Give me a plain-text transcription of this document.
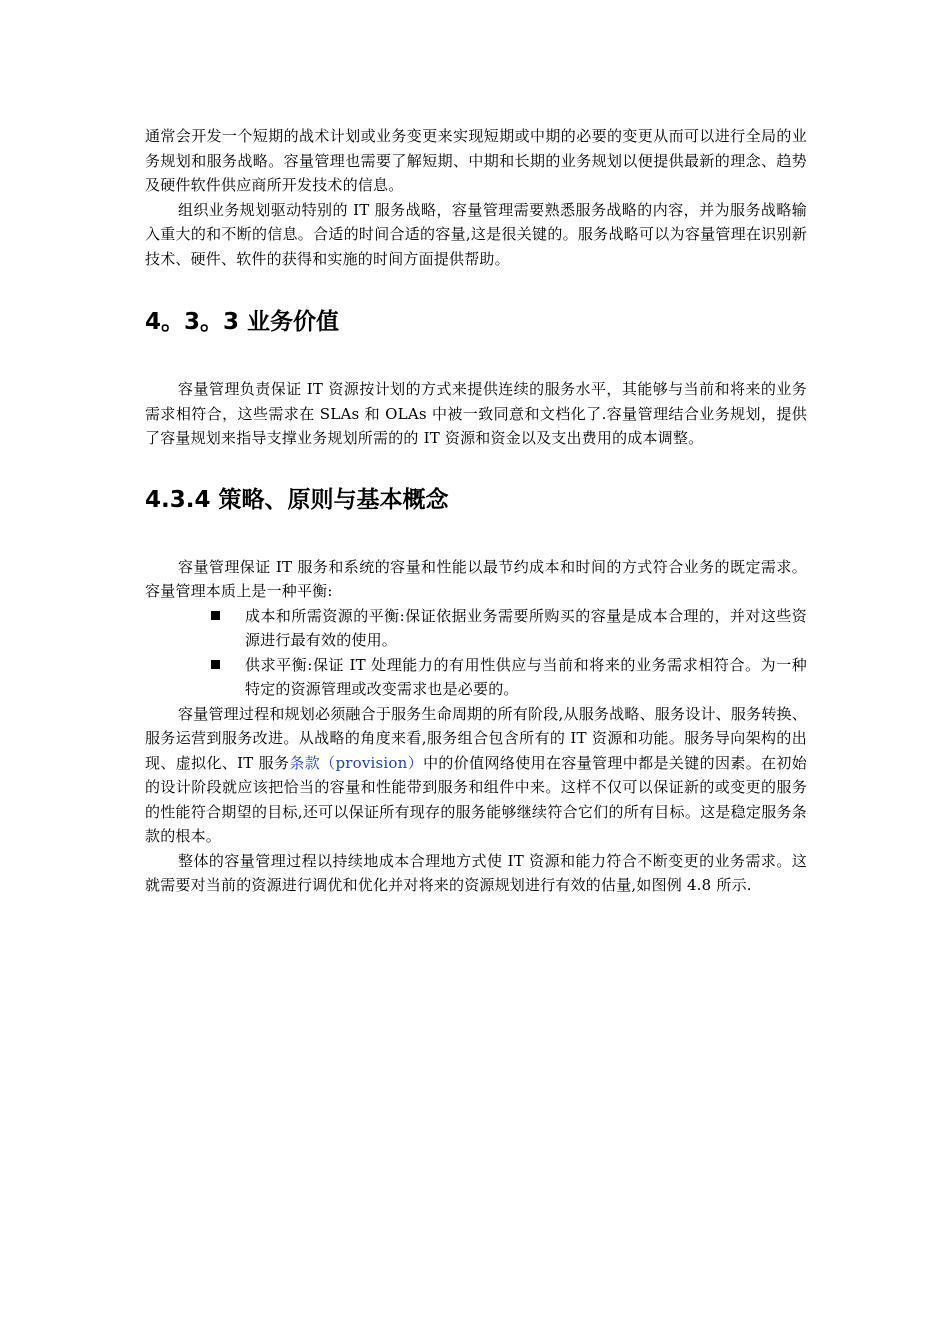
通常会开发一个短期的战术计划或业务变更来实现短期或中期的必要的变更从而可以进行全局的业务规划和服务战略。容量管理也需要了解短期、中期和长期的业务规划以便提供最新的理念、趋势及硬件软件供应商所开发技术的信息。

组织业务规划驱动特别的 IT 服务战略，容量管理需要熟悉服务战略的内容，并为服务战略输入重大的和不断的信息。合适的时间合适的容量,这是很关键的。服务战略可以为容量管理在识别新技术、硬件、软件的获得和实施的时间方面提供帮助。

4。3。3 业务价值

容量管理负责保证 IT 资源按计划的方式来提供连续的服务水平，其能够与当前和将来的业务需求相符合，这些需求在 SLAs 和 OLAs 中被一致同意和文档化了.容量管理结合业务规划，提供了容量规划来指导支撑业务规划所需的的 IT 资源和资金以及支出费用的成本调整。

4.3.4 策略、原则与基本概念

容量管理保证 IT 服务和系统的容量和性能以最节约成本和时间的方式符合业务的既定需求。容量管理本质上是一种平衡:

成本和所需资源的平衡:保证依据业务需要所购买的容量是成本合理的，并对这些资源进行最有效的使用。
供求平衡:保证 IT 处理能力的有用性供应与当前和将来的业务需求相符合。为一种特定的资源管理或改变需求也是必要的。

容量管理过程和规划必须融合于服务生命周期的所有阶段,从服务战略、服务设计、服务转换、服务运营到服务改进。从战略的角度来看,服务组合包含所有的 IT 资源和功能。服务导向架构的出现、虚拟化、IT 服务条款（provision）中的价值网络使用在容量管理中都是关键的因素。在初始的设计阶段就应该把恰当的容量和性能带到服务和组件中来。这样不仅可以保证新的或变更的服务的性能符合期望的目标,还可以保证所有现存的服务能够继续符合它们的所有目标。这是稳定服务条款的根本。

整体的容量管理过程以持续地成本合理地方式使 IT 资源和能力符合不断变更的业务需求。这就需要对当前的资源进行调优和优化并对将来的资源规划进行有效的估量,如图例 4.8 所示.
